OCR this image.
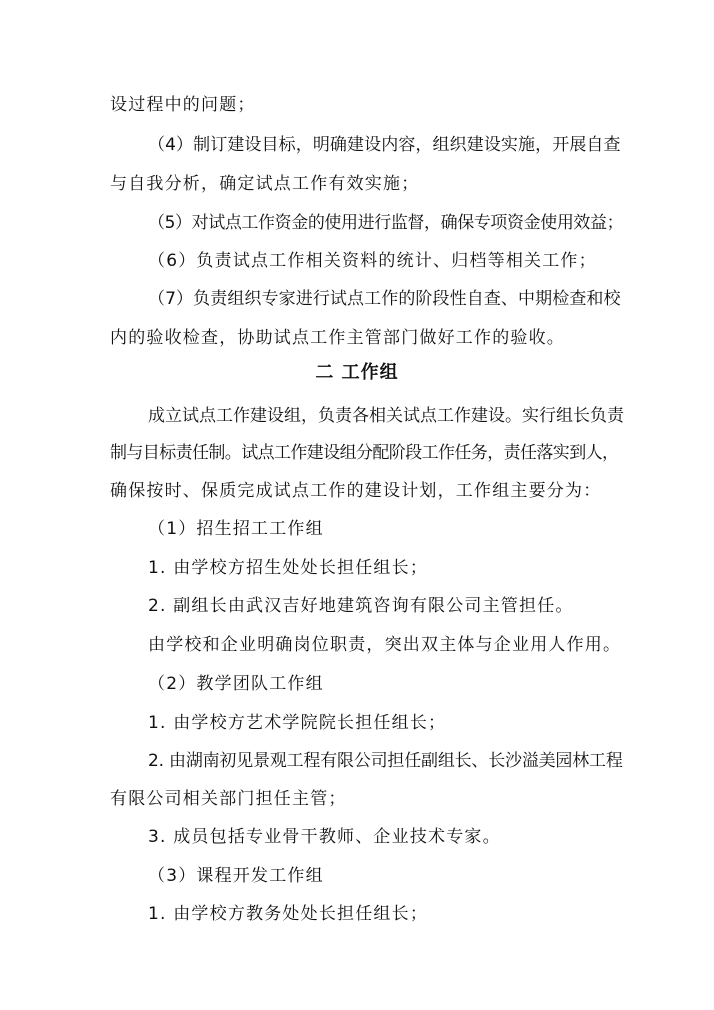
设过程中的问题；
（4）制订建设目标，明确建设内容，组织建设实施，开展自查
与自我分析，确定试点工作有效实施；
（5）对试点工作资金的使用进行监督，确保专项资金使用效益；
（6）负责试点工作相关资料的统计、归档等相关工作；
（7）负责组织专家进行试点工作的阶段性自查、中期检查和校
内的验收检查，协助试点工作主管部门做好工作的验收。
二 工作组
成立试点工作建设组，负责各相关试点工作建设。实行组长负责
制与目标责任制。试点工作建设组分配阶段工作任务，责任落实到人，
确保按时、保质完成试点工作的建设计划，工作组主要分为：
（1）招生招工工作组
1. 由学校方招生处处长担任组长；
2. 副组长由武汉吉好地建筑咨询有限公司主管担任。
由学校和企业明确岗位职责，突出双主体与企业用人作用。
（2）教学团队工作组
1. 由学校方艺术学院院长担任组长；
2. 由湖南初见景观工程有限公司担任副组长、长沙溢美园林工程
有限公司相关部门担任主管；
3. 成员包括专业骨干教师、企业技术专家。
（3）课程开发工作组
1. 由学校方教务处处长担任组长；
